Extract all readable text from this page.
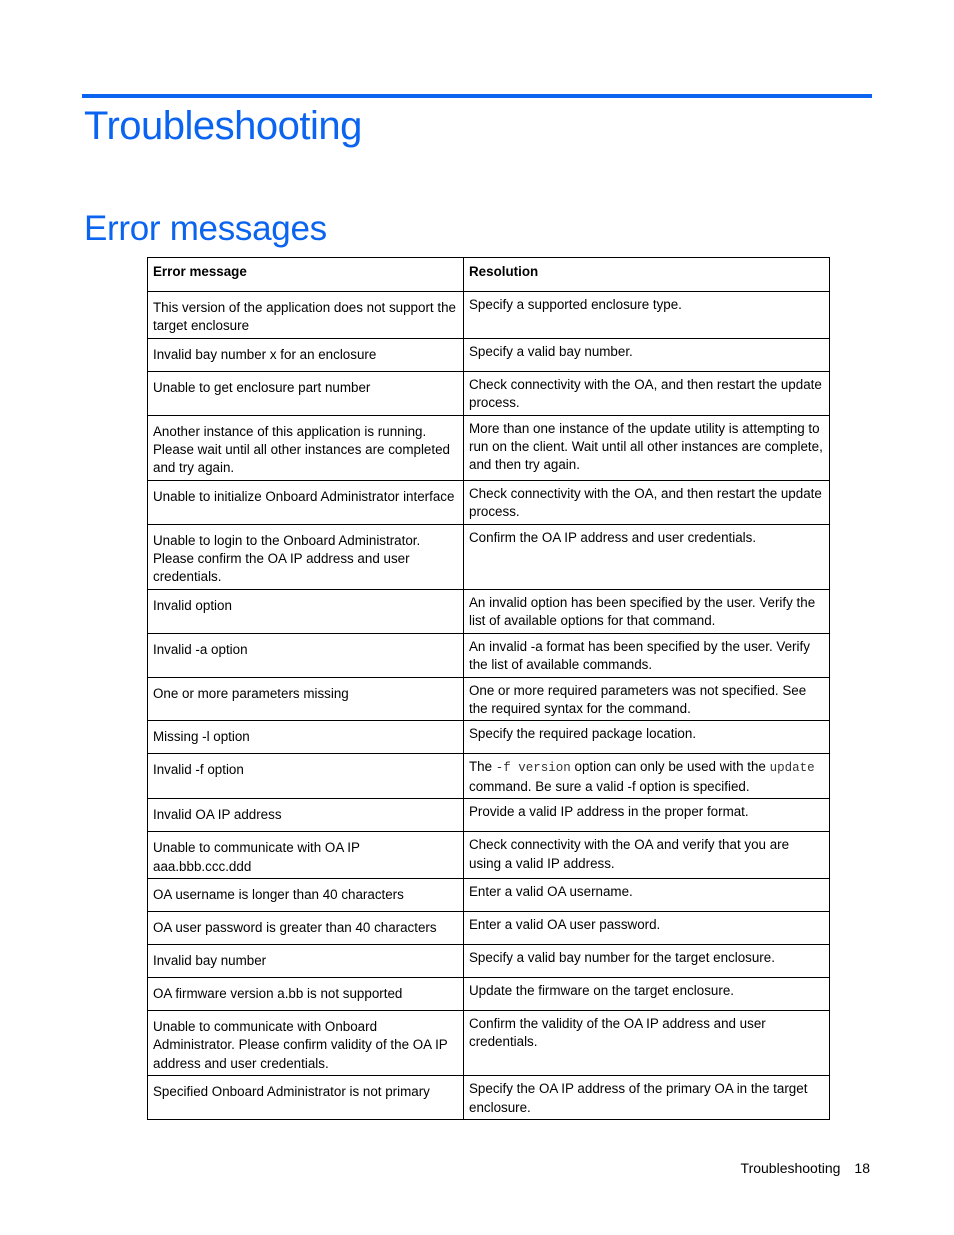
Troubleshooting
Error messages
Error message	Resolution
This version of the application does not support the target enclosure	Specify a supported enclosure type.
Invalid bay number x for an enclosure	Specify a valid bay number.
Unable to get enclosure part number	Check connectivity with the OA, and then restart the update process.
Another instance of this application is running. Please wait until all other instances are completed and try again.	More than one instance of the update utility is attempting to run on the client. Wait until all other instances are complete, and then try again.
Unable to initialize Onboard Administrator interface	Check connectivity with the OA, and then restart the update process.
Unable to login to the Onboard Administrator. Please confirm the OA IP address and user credentials.	Confirm the OA IP address and user credentials.
Invalid option	An invalid option has been specified by the user. Verify the list of available options for that command.
Invalid -a option	An invalid -a format has been specified by the user. Verify the list of available commands.
One or more parameters missing	One or more required parameters was not specified. See the required syntax for the command.
Missing -l option	Specify the required package location.
Invalid -f option	The -f version option can only be used with the update command. Be sure a valid -f option is specified.
Invalid OA IP address	Provide a valid IP address in the proper format.
Unable to communicate with OA IP aaa.bbb.ccc.ddd	Check connectivity with the OA and verify that you are using a valid IP address.
OA username is longer than 40 characters	Enter a valid OA username.
OA user password is greater than 40 characters	Enter a valid OA user password.
Invalid bay number	Specify a valid bay number for the target enclosure.
OA firmware version a.bb is not supported	Update the firmware on the target enclosure.
Unable to communicate with Onboard Administrator. Please confirm validity of the OA IP address and user credentials.	Confirm the validity of the OA IP address and user credentials.
Specified Onboard Administrator is not primary	Specify the OA IP address of the primary OA in the target enclosure.
Troubleshooting 18
